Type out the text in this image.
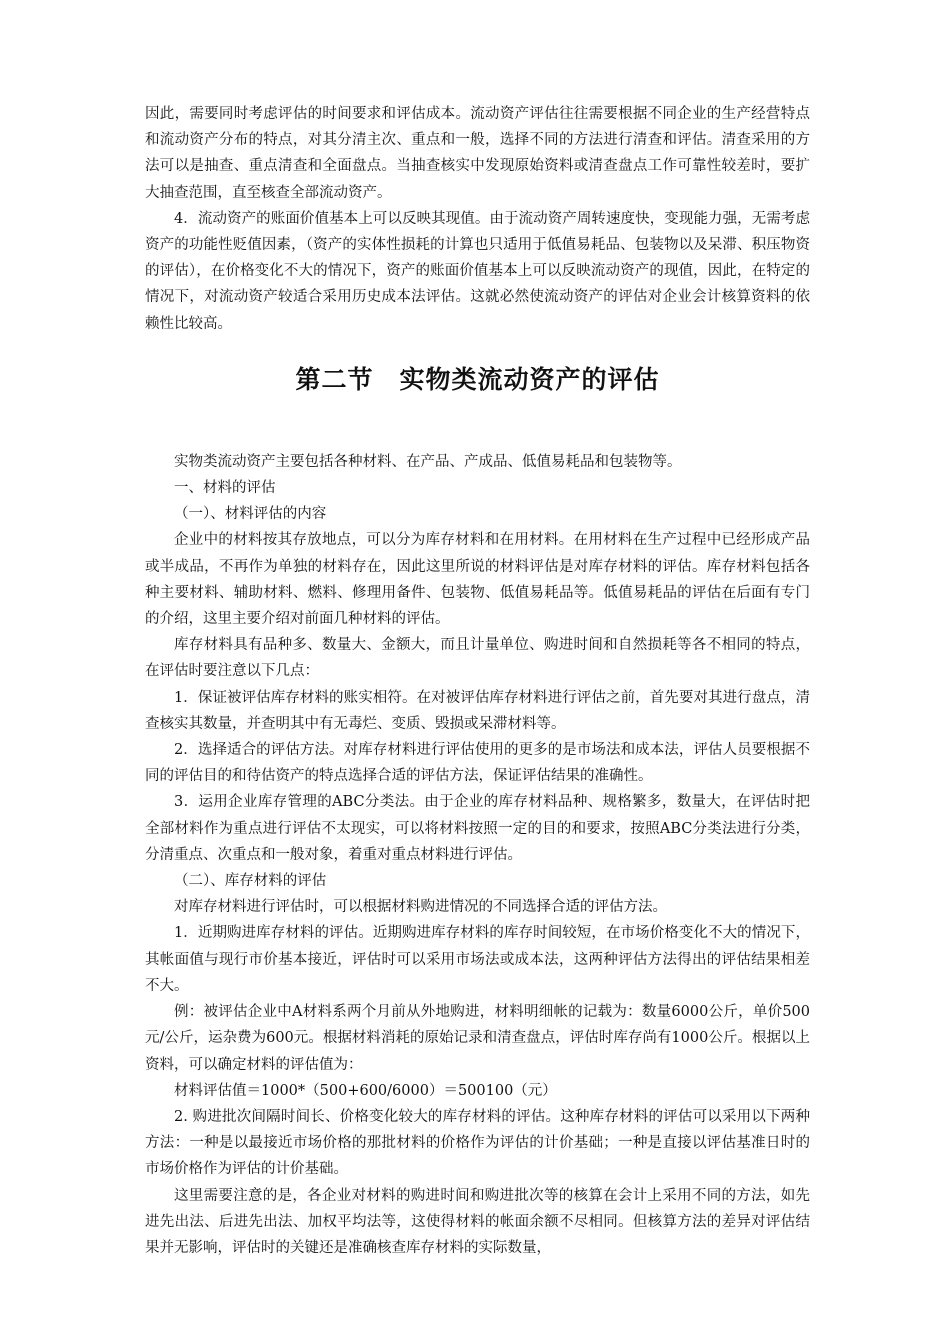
因此，需要同时考虑评估的时间要求和评估成本。流动资产评估往往需要根据不同企业的生产经营特点和流动资产分布的特点，对其分清主次、重点和一般，选择不同的方法进行清查和评估。清查采用的方法可以是抽查、重点清查和全面盘点。当抽查核实中发现原始资料或清查盘点工作可靠性较差时，要扩大抽查范围，直至核查全部流动资产。

4．流动资产的账面价值基本上可以反映其现值。由于流动资产周转速度快，变现能力强，无需考虑资产的功能性贬值因素，（资产的实体性损耗的计算也只适用于低值易耗品、包装物以及呆滞、积压物资的评估），在价格变化不大的情况下，资产的账面价值基本上可以反映流动资产的现值，因此，在特定的情况下，对流动资产较适合采用历史成本法评估。这就必然使流动资产的评估对企业会计核算资料的依赖性比较高。

第二节　实物类流动资产的评估

实物类流动资产主要包括各种材料、在产品、产成品、低值易耗品和包装物等。

一、材料的评估

（一）、材料评估的内容

企业中的材料按其存放地点，可以分为库存材料和在用材料。在用材料在生产过程中已经形成产品或半成品，不再作为单独的材料存在，因此这里所说的材料评估是对库存材料的评估。库存材料包括各种主要材料、辅助材料、燃料、修理用备件、包装物、低值易耗品等。低值易耗品的评估在后面有专门的介绍，这里主要介绍对前面几种材料的评估。

库存材料具有品种多、数量大、金额大，而且计量单位、购进时间和自然损耗等各不相同的特点，在评估时要注意以下几点：

1．保证被评估库存材料的账实相符。在对被评估库存材料进行评估之前，首先要对其进行盘点，清查核实其数量，并查明其中有无毒烂、变质、毁损或呆滞材料等。

2．选择适合的评估方法。对库存材料进行评估使用的更多的是市场法和成本法，评估人员要根据不同的评估目的和待估资产的特点选择合适的评估方法，保证评估结果的准确性。

3．运用企业库存管理的ABC分类法。由于企业的库存材料品种、规格繁多，数量大，在评估时把全部材料作为重点进行评估不太现实，可以将材料按照一定的目的和要求，按照ABC分类法进行分类，分清重点、次重点和一般对象，着重对重点材料进行评估。

（二）、库存材料的评估

对库存材料进行评估时，可以根据材料购进情况的不同选择合适的评估方法。

1．近期购进库存材料的评估。近期购进库存材料的库存时间较短，在市场价格变化不大的情况下，其帐面值与现行市价基本接近，评估时可以采用市场法或成本法，这两种评估方法得出的评估结果相差不大。

例：被评估企业中A材料系两个月前从外地购进，材料明细帐的记载为：数量6000公斤，单价500元/公斤，运杂费为600元。根据材料消耗的原始记录和清查盘点，评估时库存尚有1000公斤。根据以上资料，可以确定材料的评估值为：

材料评估值＝1000*（500+600/6000）＝500100（元）

2. 购进批次间隔时间长、价格变化较大的库存材料的评估。这种库存材料的评估可以采用以下两种方法：一种是以最接近市场价格的那批材料的价格作为评估的计价基础；一种是直接以评估基准日时的市场价格作为评估的计价基础。

这里需要注意的是，各企业对材料的购进时间和购进批次等的核算在会计上采用不同的方法，如先进先出法、后进先出法、加权平均法等，这使得材料的帐面余额不尽相同。但核算方法的差异对评估结果并无影响，评估时的关键还是准确核查库存材料的实际数量，
